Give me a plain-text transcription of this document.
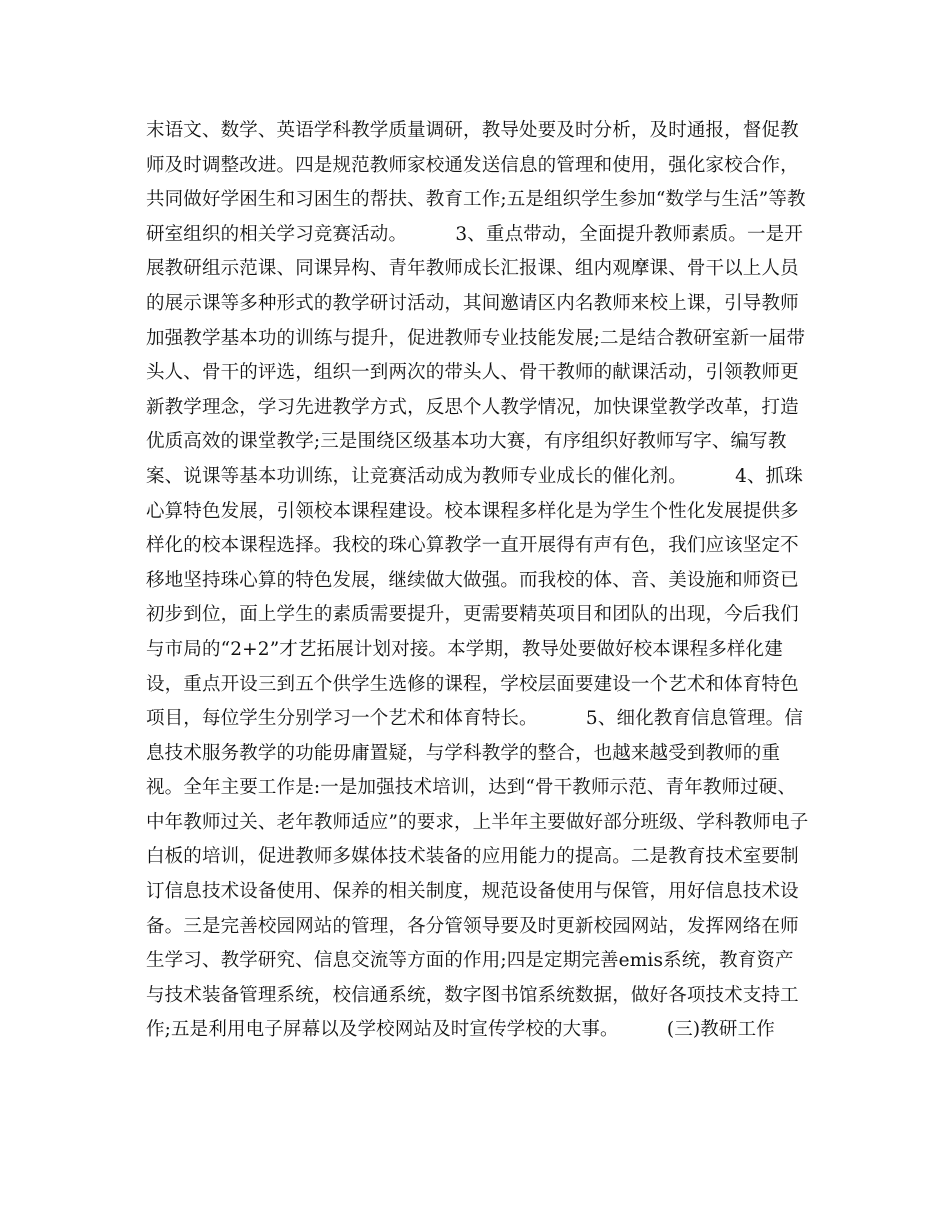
末语文、数学、英语学科教学质量调研，教导处要及时分析，及时通报，督促教
师及时调整改进。四是规范教师家校通发送信息的管理和使用，强化家校合作，
共同做好学困生和习困生的帮扶、教育工作;五是组织学生参加“数学与生活”等教
研室组织的相关学习竞赛活动。        3、重点带动，全面提升教师素质。一是开
展教研组示范课、同课异构、青年教师成长汇报课、组内观摩课、骨干以上人员
的展示课等多种形式的教学研讨活动，其间邀请区内名教师来校上课，引导教师
加强教学基本功的训练与提升，促进教师专业技能发展;二是结合教研室新一届带
头人、骨干的评选，组织一到两次的带头人、骨干教师的献课活动，引领教师更
新教学理念，学习先进教学方式，反思个人教学情况，加快课堂教学改革，打造
优质高效的课堂教学;三是围绕区级基本功大赛，有序组织好教师写字、编写教
案、说课等基本功训练，让竞赛活动成为教师专业成长的催化剂。        4、抓珠
心算特色发展，引领校本课程建设。校本课程多样化是为学生个性化发展提供多
样化的校本课程选择。我校的珠心算教学一直开展得有声有色，我们应该坚定不
移地坚持珠心算的特色发展，继续做大做强。而我校的体、音、美设施和师资已
初步到位，面上学生的素质需要提升，更需要精英项目和团队的出现，今后我们
与市局的“2+2”才艺拓展计划对接。本学期，教导处要做好校本课程多样化建
设，重点开设三到五个供学生选修的课程，学校层面要建设一个艺术和体育特色
项目，每位学生分别学习一个艺术和体育特长。        5、细化教育信息管理。信
息技术服务教学的功能毋庸置疑，与学科教学的整合，也越来越受到教师的重
视。全年主要工作是:一是加强技术培训，达到“骨干教师示范、青年教师过硬、
中年教师过关、老年教师适应”的要求，上半年主要做好部分班级、学科教师电子
白板的培训，促进教师多媒体技术装备的应用能力的提高。二是教育技术室要制
订信息技术设备使用、保养的相关制度，规范设备使用与保管，用好信息技术设
备。三是完善校园网站的管理，各分管领导要及时更新校园网站，发挥网络在师
生学习、教学研究、信息交流等方面的作用;四是定期完善emis系统，教育资产
与技术装备管理系统，校信通系统，数字图书馆系统数据，做好各项技术支持工
作;五是利用电子屏幕以及学校网站及时宣传学校的大事。        (三)教研工作
